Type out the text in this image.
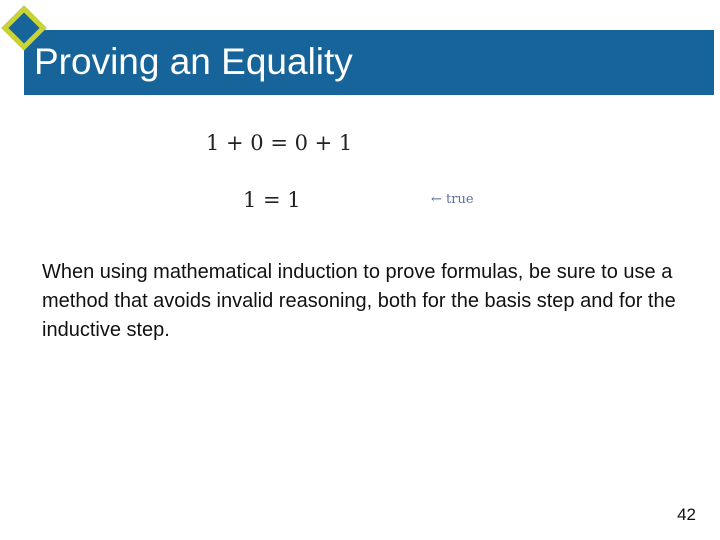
Proving an Equality
1 + 0 = 0 + 1
1 = 1	← true
When using mathematical induction to prove formulas, be sure to use a method that avoids invalid reasoning, both for the basis step and for the inductive step.
42
